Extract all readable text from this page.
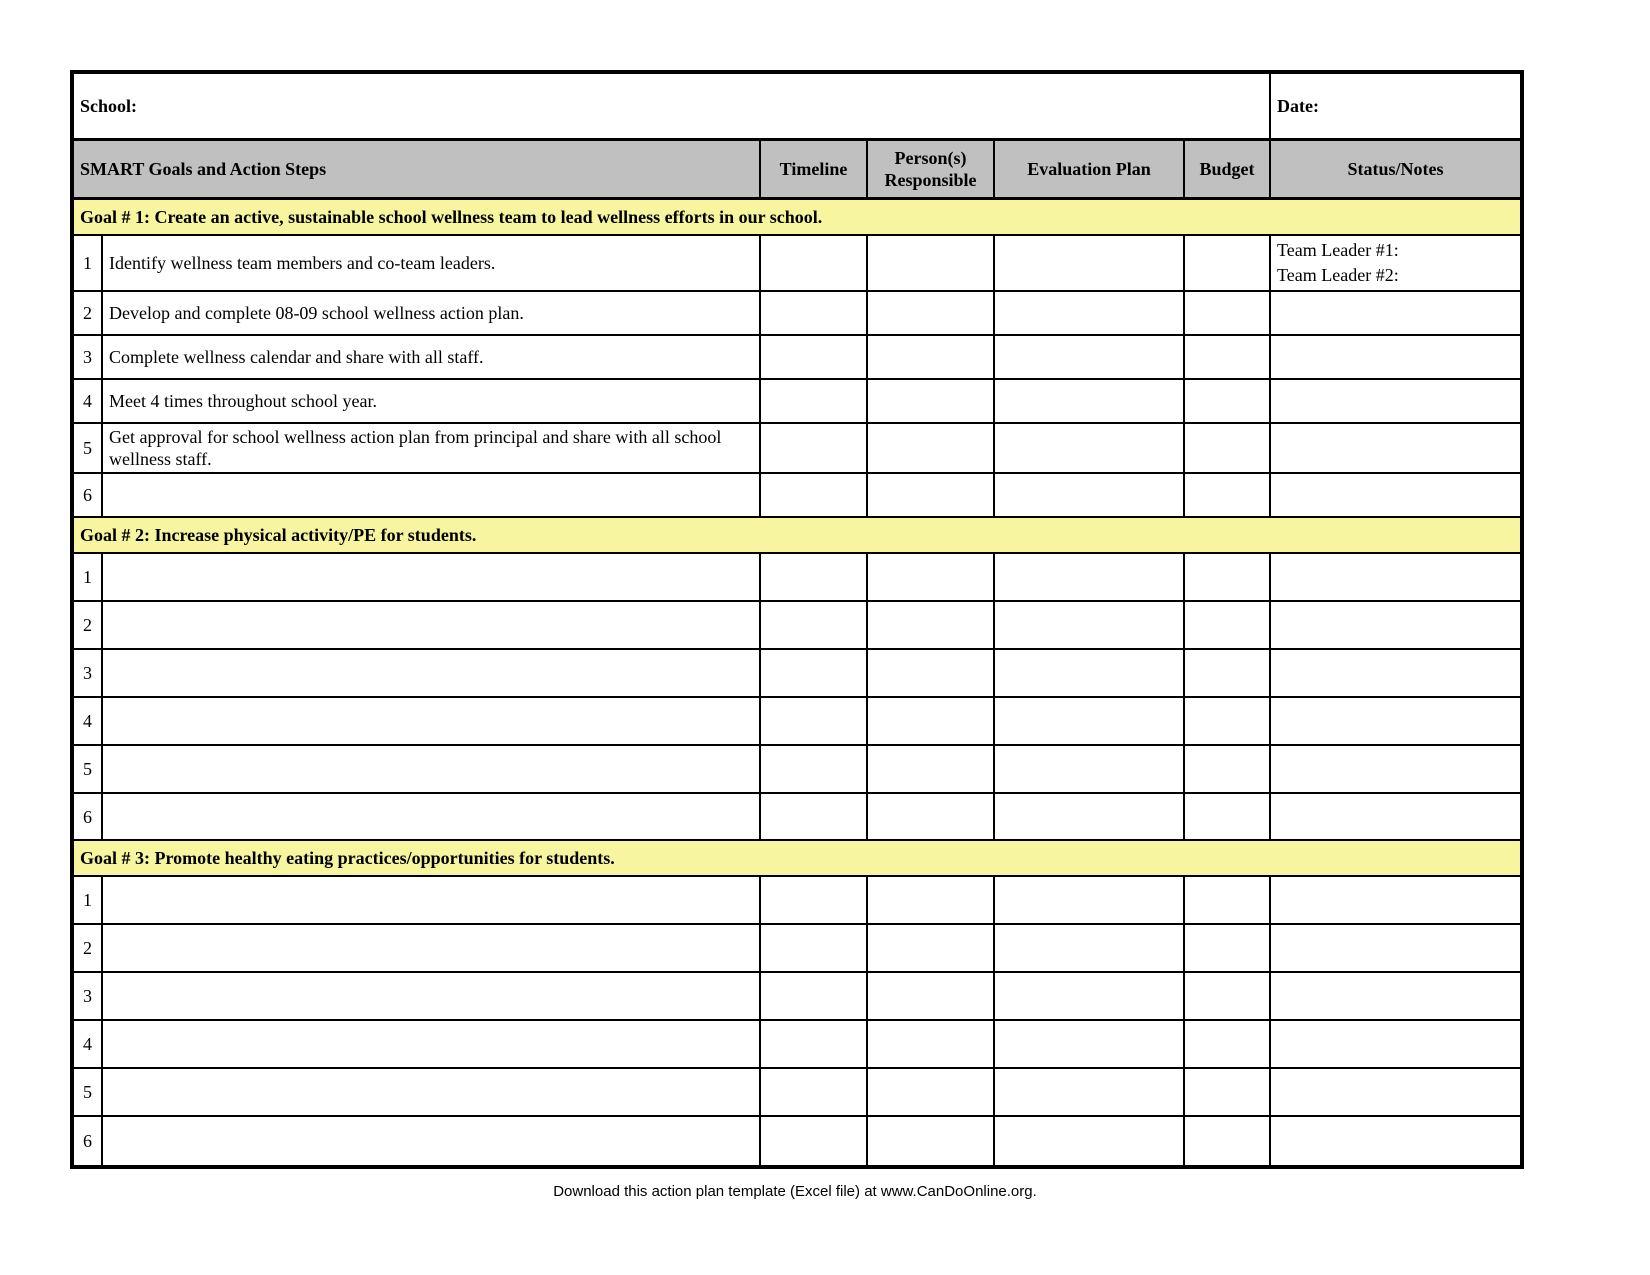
School:						Date:
SMART Goals and Action Steps		Timeline	Person(s) Responsible	Evaluation Plan	Budget	Status/Notes
Goal # 1: Create an active, sustainable school wellness team to lead wellness efforts in our school.						
1	Identify wellness team members and co-team leaders.					Team Leader #1:
Team Leader #2:

2	Develop and complete 08-09 school wellness action plan.					
3	Complete wellness calendar and share with all staff.					
4	Meet 4 times throughout school year.					
5	Get approval for school wellness action plan from principal and share with all school wellness staff.					
6						
Goal # 2: Increase physical activity/PE for students.						
1						
2						
3						
4						
5						
6						
Goal # 3: Promote healthy eating practices/opportunities for students.						
1						
2						
3						
4						
5						
6						
Download this action plan template (Excel file) at www.CanDoOnline.org.
